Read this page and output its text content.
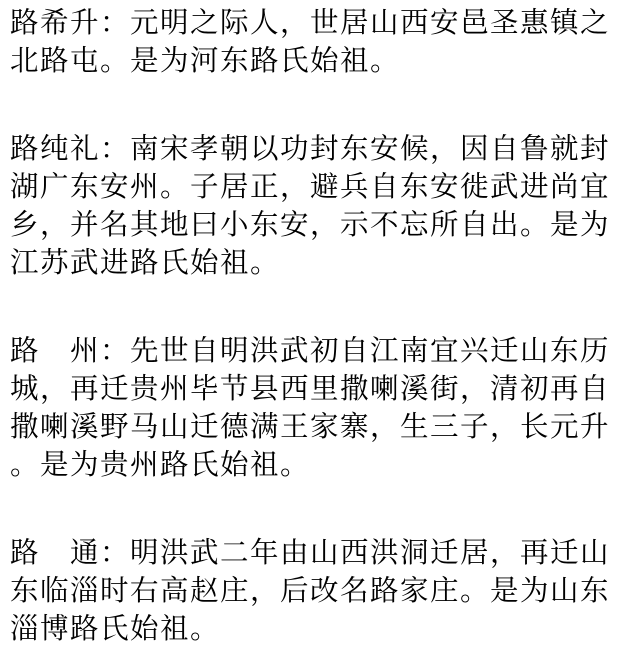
路希升：元明之际人，世居山西安邑圣惠镇之
北路屯。是为河东路氏始祖。
路纯礼：南宋孝朝以功封东安候，因自鲁就封
湖广东安州。子居正，避兵自东安徙武进尚宜
乡，并名其地曰小东安，示不忘所自出。是为
江苏武进路氏始祖。
路　州：先世自明洪武初自江南宜兴迁山东历
城，再迁贵州毕节县西里撒喇溪街，清初再自
撒喇溪野马山迁德满王家寨，生三子，长元升
。是为贵州路氏始祖。
路　通：明洪武二年由山西洪洞迁居，再迁山
东临淄时右高赵庄，后改名路家庄。是为山东
淄博路氏始祖。
